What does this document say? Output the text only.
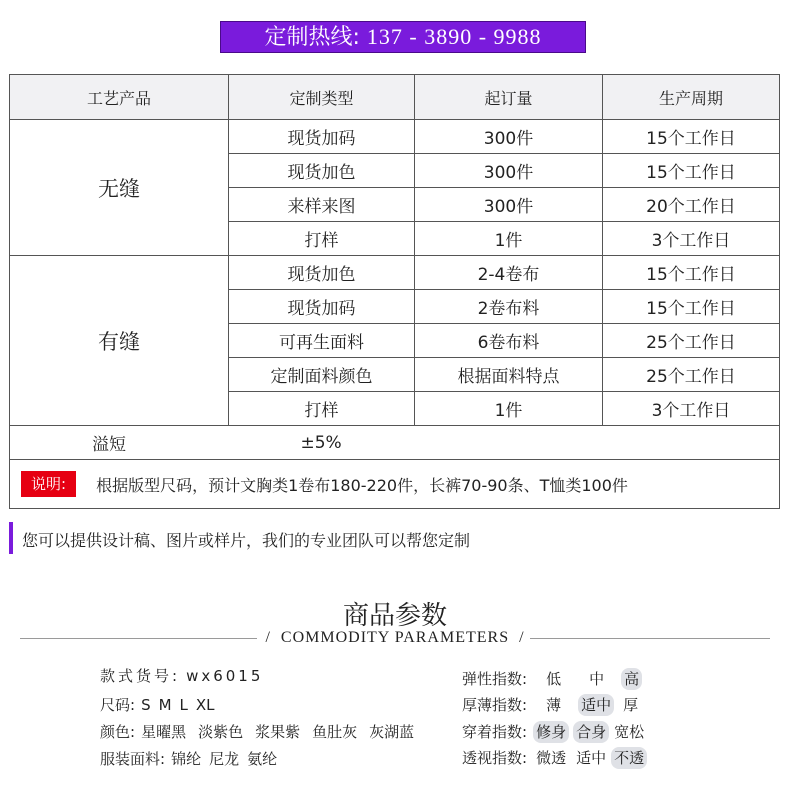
定制热线: 137 - 3890 - 9988
工艺产品	定制类型	起订量	生产周期
无缝	现货加码	300件	15个工作日
	现货加色	300件	15个工作日
	来样来图	300件	20个工作日
	打样	1件	3个工作日
有缝	现货加色	2-4卷布	15个工作日
	现货加码	2卷布料	15个工作日
	可再生面料	6卷布料	25个工作日
	定制面料颜色	根据面料特点	25个工作日
	打样	1件	3个工作日
溢短	±5%		
说明: 根据版型尺码，预计文胸类1卷布180-220件，长裤70-90条、T恤类100件			
您可以提供设计稿、图片或样片，我们的专业团队可以帮您定制
商品参数
/ COMMODITY PARAMETERS /
款式货号: wx6015
尺码: S M L XL
颜色: 星曜黑 淡紫色 浆果紫 鱼肚灰 灰湖蓝
服装面料: 锦纶 尼龙 氨纶
弹性指数: 低 中 高
厚薄指数: 薄 适中 厚
穿着指数: 修身 合身 宽松
透视指数: 微透 适中 不透
